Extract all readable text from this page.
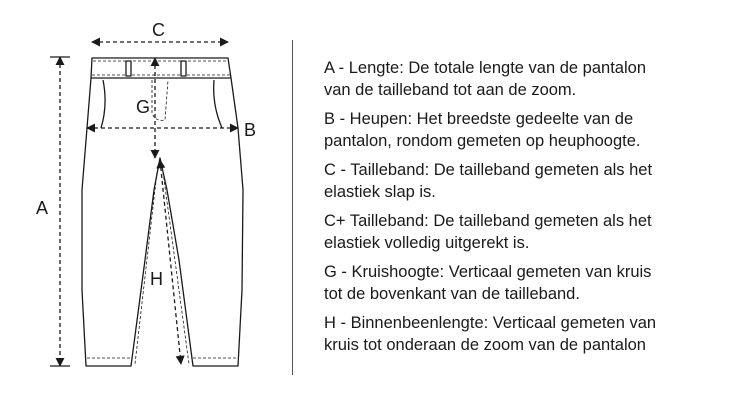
A
B
C
G
H
A - Lengte: De totale lengte van de pantalon
van de tailleband tot aan de zoom.
B - Heupen: Het breedste gedeelte van de
pantalon, rondom gemeten op heuphoogte.
C - Tailleband: De tailleband gemeten als het
elastiek slap is.
C+ Tailleband: De tailleband gemeten als het
elastiek volledig uitgerekt is.
G - Kruishoogte: Verticaal gemeten van kruis
tot de bovenkant van de tailleband.
H - Binnenbeenlengte: Verticaal gemeten van
kruis tot onderaan de zoom van de pantalon
